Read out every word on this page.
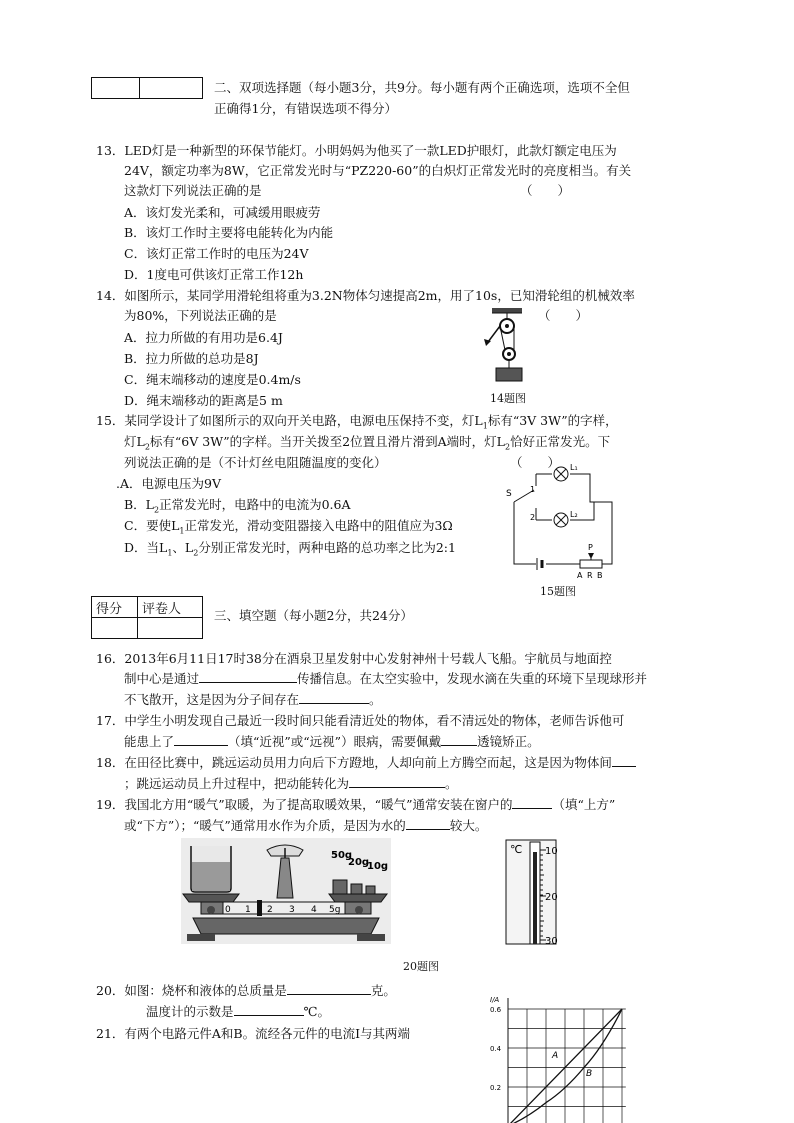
二、双项选择题（每小题3分，共9分。每小题有两个正确选项，选项不全但
正确得1分，有错误选项不得分）
13．LED灯是一种新型的环保节能灯。小明妈妈为他买了一款LED护眼灯，此款灯额定电压为
24V，额定功率为8W，它正常发光时与“PZ220-60”的白炽灯正常发光时的亮度相当。有关
这款灯下列说法正确的是	（　　）
A．该灯发光柔和，可减缓用眼疲劳
B．该灯工作时主要将电能转化为内能
C．该灯正常工作时的电压为24V
D．1度电可供该灯正常工作12h
14．如图所示，某同学用滑轮组将重为3.2N物体匀速提高2m，用了10s，已知滑轮组的机械效率
为80%，下列说法正确的是	（　　）
A．拉力所做的有用功是6.4J
B．拉力所做的总功是8J
C．绳末端移动的速度是0.4m/s
D．绳末端移动的距离是5 m	14题图
15．某同学设计了如图所示的双向开关电路，电源电压保持不变，灯$L_1$标有“3V 3W”的字样，
灯$L_2$标有“6V 3W”的字样。当开关拨至2位置且滑片滑到A端时，灯$L_2$恰好正常发光。下
列说法正确的是（不计灯丝电阻随温度的变化）	（　　）
.A．电源电压为9V
B．$L_2$正常发光时，电路中的电流为0.6A
C．要使$L_1$正常发光，滑动变阻器接入电路中的阻值应为3Ω
D．当$L_1$、$L_2$分别正常发光时，两种电路的总功率之比为2:1
L₁
L₂
S 1
2
P
A R B
15题图
得分	评卷人
		三、填空题（每小题2分，共24分）
16．2013年6月11日17时38分在酒泉卫星发射中心发射神州十号载人飞船。宇航员与地面控
制中心是通过	传播信息。在太空实验中，发现水滴在失重的环境下呈现球形并
不飞散开，这是因为分子间存在	。
17．中学生小明发现自己最近一段时间只能看清近处的物体，看不清远处的物体，老师告诉他可
能患上了	（填“近视”或“远视”）眼病，需要佩戴	透镜矫正。
18．在田径比赛中，跳远运动员用力向后下方蹬地，人却向前上方腾空而起，这是因为物体间
；跳远运动员上升过程中，把动能转化为	。
19．我国北方用“暖气”取暖，为了提高取暖效果，“暖气”通常安装在窗户的	（填“上方”
或“下方”）；“暖气”通常用水作为介质，是因为水的	较大。
50g
20g
10g
0 1 2 3 4 5g
℃ 10
20
30
20题图
20．如图：烧杯和液体的总质量是	克。
温度计的示数是	℃。
21．有两个电路元件A和B。流经各元件的电流I与其两端
I/A
0.6
0.4
0.2
A
B
